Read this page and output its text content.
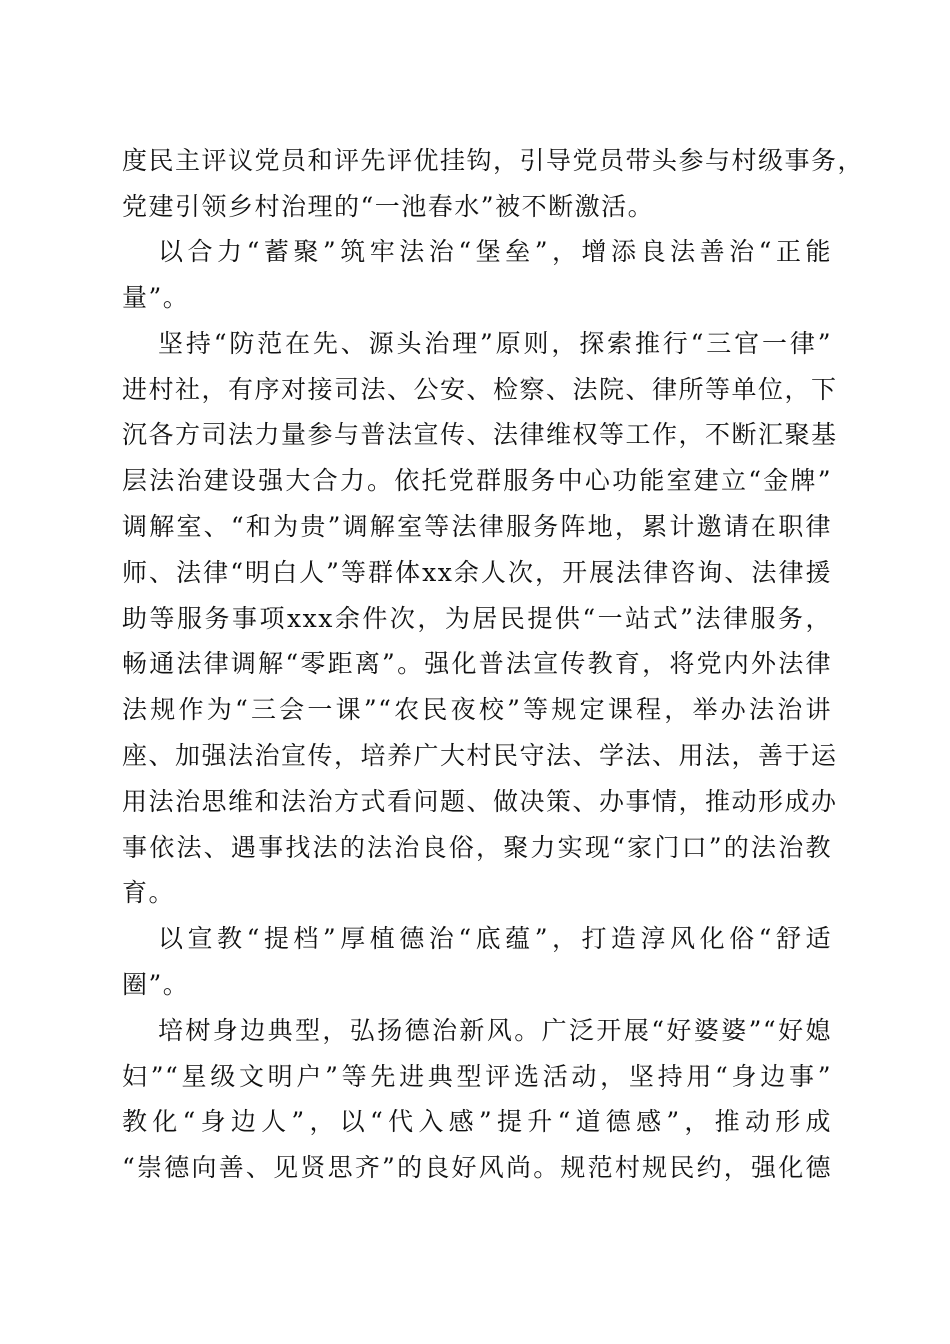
度民主评议党员和评先评优挂钩，引导党员带头参与村级事务，
党建引领乡村治理的“一池春水”被不断激活。
以合力“蓄聚”筑牢法治“堡垒”，增添良法善治“正能
量”。
坚持“防范在先、源头治理”原则，探索推行“三官一律”
进村社，有序对接司法、公安、检察、法院、律所等单位，下
沉各方司法力量参与普法宣传、法律维权等工作，不断汇聚基
层法治建设强大合力。依托党群服务中心功能室建立“金牌”
调解室、“和为贵”调解室等法律服务阵地，累计邀请在职律
师、法律“明白人”等群体xx余人次，开展法律咨询、法律援
助等服务事项xxx余件次，为居民提供“一站式”法律服务，
畅通法律调解“零距离”。强化普法宣传教育，将党内外法律
法规作为“三会一课”“农民夜校”等规定课程，举办法治讲
座、加强法治宣传，培养广大村民守法、学法、用法，善于运
用法治思维和法治方式看问题、做决策、办事情，推动形成办
事依法、遇事找法的法治良俗，聚力实现“家门口”的法治教
育。
以宣教“提档”厚植德治“底蕴”，打造淳风化俗“舒适
圈”。
培树身边典型，弘扬德治新风。广泛开展“好婆婆”“好媳
妇”“星级文明户”等先进典型评选活动，坚持用“身边事”
教化“身边人”，以“代入感”提升“道德感”，推动形成
“崇德向善、见贤思齐”的良好风尚。规范村规民约，强化德
